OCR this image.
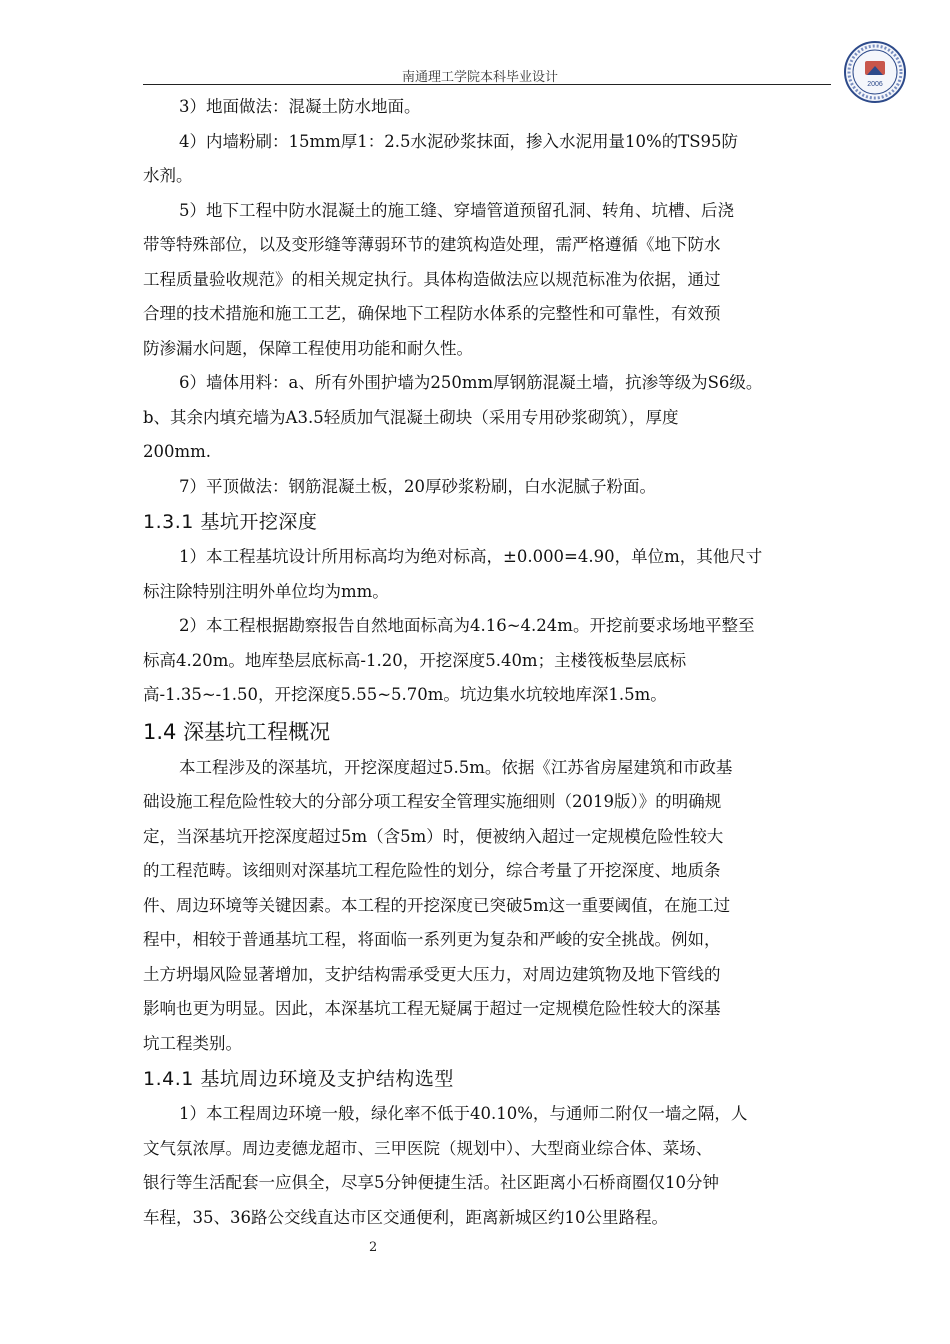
南通理工学院本科毕业设计	2006

3）地面做法：混凝土防水地面。

4）内墙粉刷：15mm厚1：2.5水泥砂浆抹面，掺入水泥用量10%的TS95防

水剂。

5）地下工程中防水混凝土的施工缝、穿墙管道预留孔洞、转角、坑槽、后浇

带等特殊部位，以及变形缝等薄弱环节的建筑构造处理，需严格遵循《地下防水

工程质量验收规范》的相关规定执行。具体构造做法应以规范标准为依据，通过

合理的技术措施和施工工艺，确保地下工程防水体系的完整性和可靠性，有效预

防渗漏水问题，保障工程使用功能和耐久性。

6）墙体用料：a、所有外围护墙为250mm厚钢筋混凝土墙，抗渗等级为S6级。

b、其余内填充墙为A3.5轻质加气混凝土砌块（采用专用砂浆砌筑），厚度

200mm.

7）平顶做法：钢筋混凝土板，20厚砂浆粉刷，白水泥腻子粉面。

1.3.1 基坑开挖深度

1）本工程基坑设计所用标高均为绝对标高，±0.000=4.90，单位m，其他尺寸

标注除特别注明外单位均为mm。

2）本工程根据勘察报告自然地面标高为4.16~4.24m。开挖前要求场地平整至

标高4.20m。地库垫层底标高-1.20，开挖深度5.40m；主楼筏板垫层底标

高-1.35~-1.50，开挖深度5.55~5.70m。坑边集水坑较地库深1.5m。

1.4 深基坑工程概况

本工程涉及的深基坑，开挖深度超过5.5m。依据《江苏省房屋建筑和市政基

础设施工程危险性较大的分部分项工程安全管理实施细则（2019版）》的明确规

定，当深基坑开挖深度超过5m（含5m）时，便被纳入超过一定规模危险性较大

的工程范畴。该细则对深基坑工程危险性的划分，综合考量了开挖深度、地质条

件、周边环境等关键因素。本工程的开挖深度已突破5m这一重要阈值，在施工过

程中，相较于普通基坑工程，将面临一系列更为复杂和严峻的安全挑战。例如，

土方坍塌风险显著增加，支护结构需承受更大压力，对周边建筑物及地下管线的

影响也更为明显。因此，本深基坑工程无疑属于超过一定规模危险性较大的深基

坑工程类别。

1.4.1 基坑周边环境及支护结构选型

1）本工程周边环境一般，绿化率不低于40.10%，与通师二附仅一墙之隔，人

文气氛浓厚。周边麦德龙超市、三甲医院（规划中）、大型商业综合体、菜场、

银行等生活配套一应俱全，尽享5分钟便捷生活。社区距离小石桥商圈仅10分钟

车程，35、36路公交线直达市区交通便利，距离新城区约10公里路程。

2
